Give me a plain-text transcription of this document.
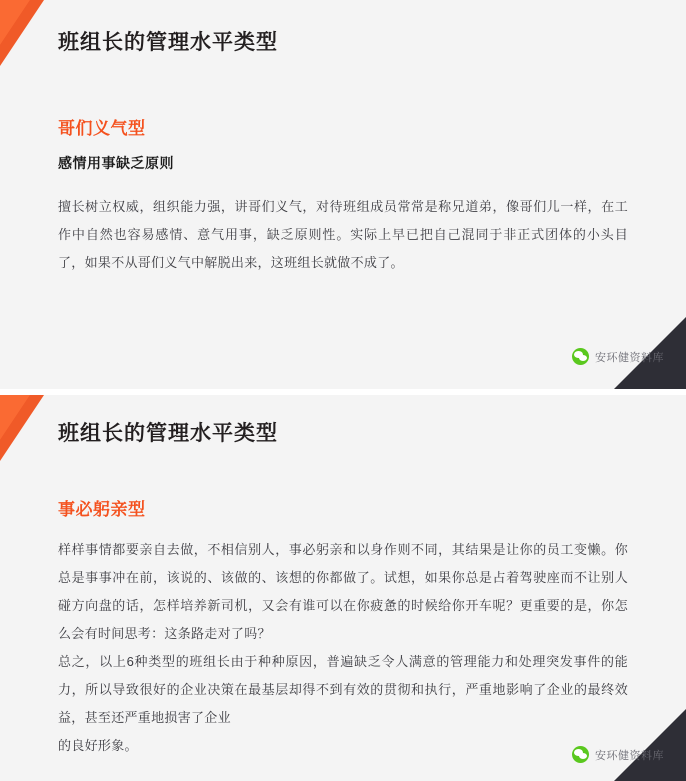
班组长的管理水平类型
哥们义气型
感情用事缺乏原则

擅长树立权威，组织能力强，讲哥们义气，对待班组成员常常是称兄道弟，像哥们儿一样，在工作中自然也容易感情、意气用事，缺乏原则性。实际上早已把自己混同于非正式团体的小头目了，如果不从哥们义气中解脱出来，这班组长就做不成了。

安环健资料库
班组长的管理水平类型
事必躬亲型

样样事情都要亲自去做，不相信别人，事必躬亲和以身作则不同，其结果是让你的员工变懒。你总是事事冲在前，该说的、该做的、该想的你都做了。试想，如果你总是占着驾驶座而不让别人碰方向盘的话，怎样培养新司机，又会有谁可以在你疲惫的时候给你开车呢？更重要的是，你怎么会有时间思考：这条路走对了吗？

总之，以上6种类型的班组长由于种种原因，普遍缺乏令人满意的管理能力和处理突发事件的能力，所以导致很好的企业决策在最基层却得不到有效的贯彻和执行，严重地影响了企业的最终效益，甚至还严重地损害了企业

的良好形象。

安环健资料库
